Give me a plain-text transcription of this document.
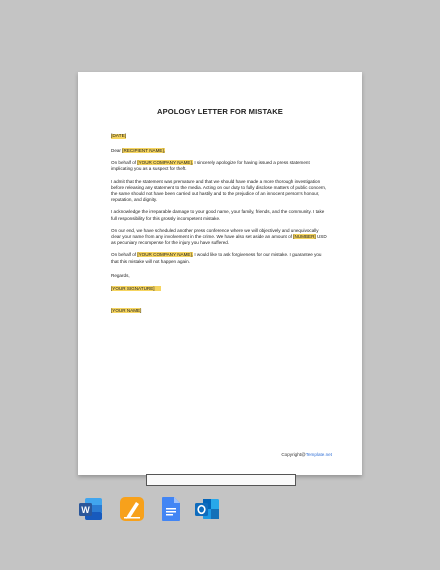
APOLOGY LETTER FOR MISTAKE
[DATE]
Dear [RECIPIENT NAME],

On behalf of [YOUR COMPANY NAME], I sincerely apologize for having issued a press statement implicating you as a suspect for theft.

I admit that the statement was premature and that we should have made a more thorough investigation before releasing any statement to the media. Acting on our duty to fully disclose matters of public concern, the same should not have been carried out hastily and to the prejudice of an innocent person's honour, reputation, and dignity.

I acknowledge the irreparable damage to your good name, your family, friends, and the community. I take full responsibility for this grossly incompetent mistake.

On our end, we have scheduled another press conference where we will objectively and unequivocally clear your name from any involvement in the crime. We have also set aside an amount of [NUMBER] USD as pecuniary recompense for the injury you have suffered.

On behalf of [YOUR COMPANY NAME], I would like to ask forgiveness for our mistake. I guarantee you that this mistake will not happen again.

Regards,

[YOUR SIGNATURE]
[YOUR NAME]
Copyright@Template.net
W
